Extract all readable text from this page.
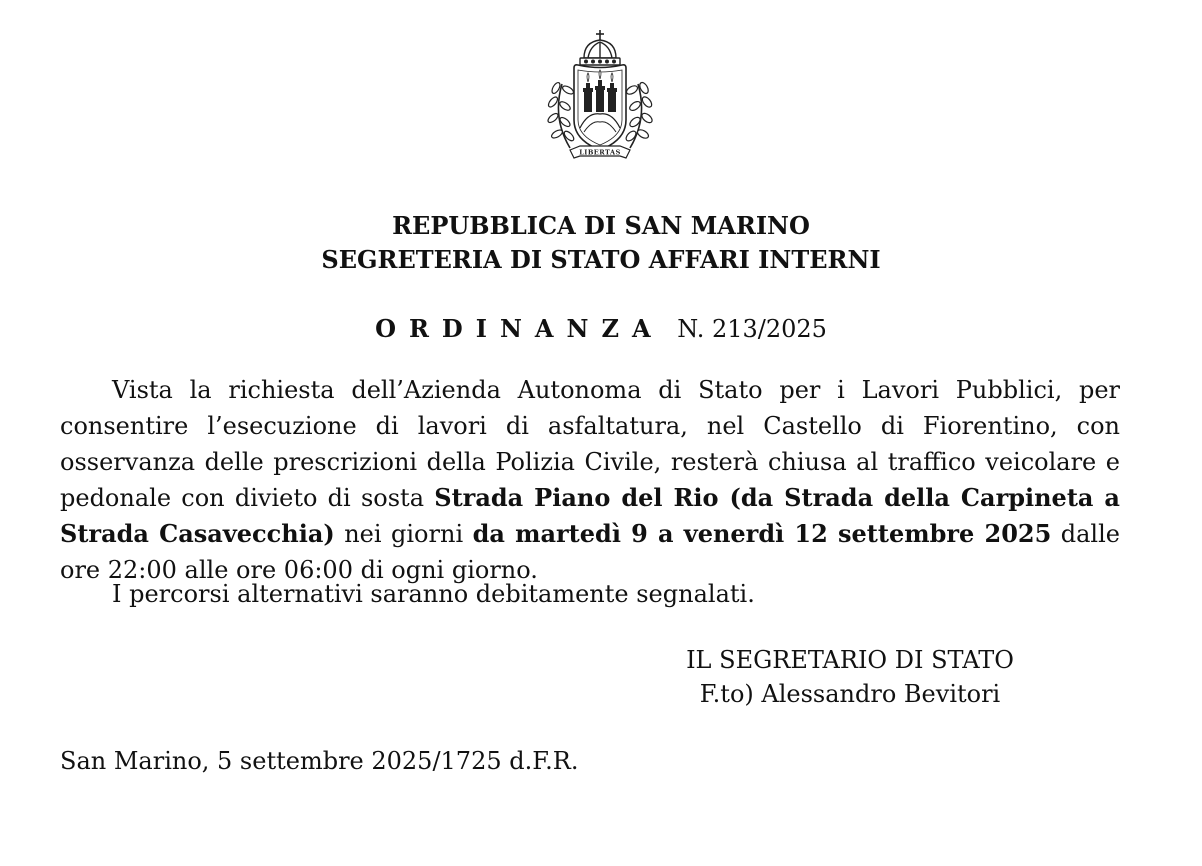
LIBERTAS

REPUBBLICA DI SAN MARINO

SEGRETERIA DI STATO AFFARI INTERNI

ORDINANZA N. 213/2025

Vista la richiesta dell’Azienda Autonoma di Stato per i Lavori Pubblici, per consentire l’esecuzione di lavori di asfaltatura, nel Castello di Fiorentino, con osservanza delle prescrizioni della Polizia Civile, resterà chiusa al traffico veicolare e pedonale con divieto di sosta Strada Piano del Rio (da Strada della Carpineta a Strada Casavecchia) nei giorni da martedì 9 a venerdì 12 settembre 2025 dalle ore 22:00 alle ore 06:00 di ogni giorno.

I percorsi alternativi saranno debitamente segnalati.

IL SEGRETARIO DI STATO

F.to) Alessandro Bevitori

San Marino, 5 settembre 2025/1725 d.F.R.
